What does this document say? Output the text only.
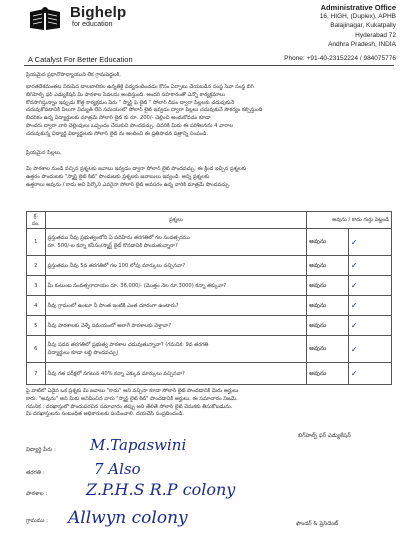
Bighelp
for education
A Catalyst For Better Education
Administrative Office
16, HIGH, (Duplex), APHB
Balajinagar, Kukatpally
Hyderabad 72
Andhra Pradesh, INDIA
Phone: +91-40-23152224 / 984075776
ప్రియమైన ప్రధానోపాధ్యాయుని లేక గ్రామపెద్దలకి,
భారతదేశమంతట నిరుపేద బాలబాలికల ఉన్నతికై విద్యనందించడం కోసం ఏర్పాటు చేయబడిన సంస్థ సేవా సంస్థ బిగ్
బిగ్‌హెల్ప్ ఫర్ ఎడ్యుకేషన్ మీ పాఠశాల సేవలను అందిస్తుంది. అందరి సహకారంతో ఎన్నో కార్యక్రమాలు
కొనసాగిస్తున్నాం ఇప్పుడు కొత్త కార్యక్రమం పేరు " స్మార్ట్ ఫ్ లైట్ " సోలార్ దీపం ద్వారా పిల్లలకు చదువుకునే
చదువుకోవటానికి వీలుగా విద్యుత్ లేని సమయంలో సోలార్ లైట్ ఇవ్వడం ద్వారా పిల్లలు చదువుకునే సౌకర్యం కల్పిస్తుంది
బీదరికం ఉన్న విద్యార్థులకు మాత్రమే సోలార్ లైట్ కు రూ. 200/- చెల్లించి అందుకోవడం కూడా
పొందరు ద్వారా వారి చెల్లింపులు ఒప్పందం చేసుకుని పొందవచ్చు. చివరికి మీరు ఈ పరిశీలనను 4 వారాల
చదువుకున్న విద్యార్థి విద్యార్థులకు సోలార్ లైట్ ను అందించి ఈ ప్రతిపాదన పత్రాన్ని నింపండి.
ప్రియమైన పిల్లలు,
మీ పాఠశాల నుండి వచ్చిన ప్రశ్నలకు జవాబు ఇవ్వడం ద్వారా సోలార్ లైట్ పొందవచ్చు, ఈ క్రింద ఇచ్చిన ప్రశ్నలకు
ఉత్తరం పొందుటకు "స్మార్ట్ లైట్ కిట్" పొందుటకు ప్రశ్నలకు జవాబులు ఇవ్వండి. అన్ని ప్రశ్నలకు
ఉత్తరాలు అవును / కాదు అని పేర్కొని ఎవరైనా సోలార్ లైట్ అవసరం ఉన్న వారికి మాత్రమే పొందవచ్చు.
క్ర. సం.	ప్రశ్నలు	అవును / కాదు గుర్తు పెట్టండి	
1	ప్రస్తుతము నీవు ప్రభుత్వంలోని ఏ పదిహేను తరగతిలో గల సంవత్సరము
రూ. 500/-ల కన్నా కనీసం/స్మార్ట్ లైట్ కొనడానికి పొందుతున్నారా?	అవును	✓
2	ప్రస్తుతము నీవు 5వ తరగతిలో గల 100 లోపు మార్కులు వచ్చినవా?	అవును	✓
3	మీ కుటుంబ సంవత్సరాదాయం రూ. 36,000/- (మొత్తం నెల రూ.3000) కన్నా తక్కువా?	అవును	✓
4	నీవు గ్రామంలో ఉంటూ నీ సొంత ఇంటికి ఎంత దూరంగా ఉంటారు?	అవును	✓
5	నీవు పాఠశాలకు వెళ్ళే సమయంలో అలాగే పాఠశాలకు వెళ్తావా?	అవును	✓
6	నీవు పదవ తరగతిలో ప్రభుత్వ పాఠశాల చదువుతున్నావా? (గమనిక: 9వ తరగతి
విద్యార్థులు కూడా లబ్ధి పొందవచ్చు)	అవును	✓
7	నీవు గత పరీక్షలో సగటున 40% కన్నా ఎక్కువ మార్కులు వచ్చినవా?	అవును	✓
పై వాటిలో ఏదైన ఒక ప్రశ్నకు మీ జవాబు "కాదు" అని వచ్చినా కూడా సోలార్ లైట్ పొందడానికి మీరు అర్హులు
కారు. "అవును" అని మీకు అనిపించిన వారు "స్మార్ట్ లైట్ కిట్" పొందడానికి అర్హులు. ఈ సమాచారం నిజమే.
గమనిక : దరఖాస్తులో పొందుపరచిన సమాచారం తప్పు అని తేలితే సోలార్ లైట్ వెనుకకు తీసుకోబడును.
మీ దరఖాస్తులను సంబంధిత అధికారులకు పంపించాలి. దయచేసి సంప్రదించండి.
బిగ్‌హెల్ప్ ఫర్ ఎడ్యుకేషన్
విద్యార్థి పేరు : M.Tapaswini
తరగతి :	7 Also
పాఠశాల : Z.P.H.S R.P colony
గ్రామము : Allwyn colony	ఫౌండర్ & ప్రెసిడెంట్
